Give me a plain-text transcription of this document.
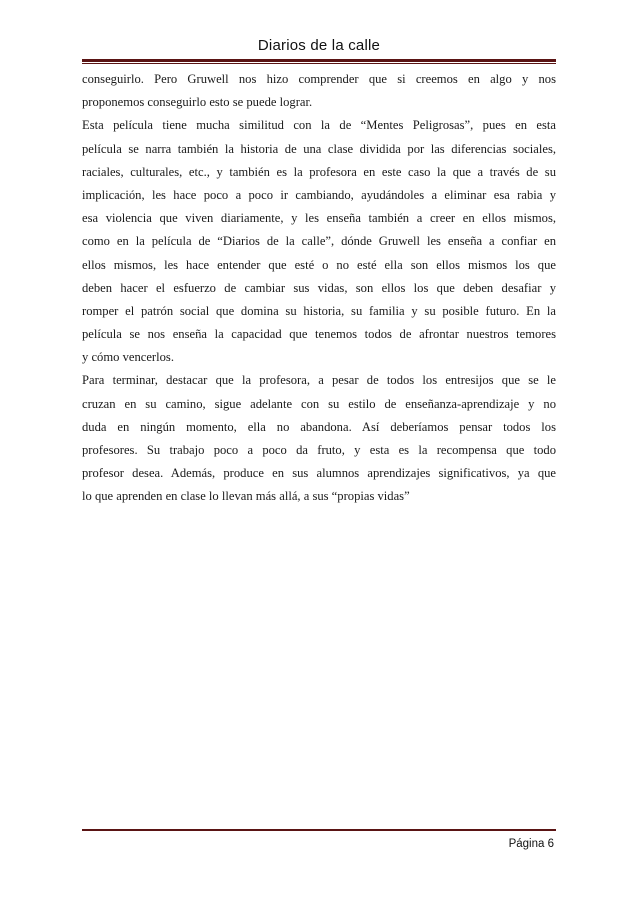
Diarios de la calle
conseguirlo. Pero Gruwell nos hizo comprender que si creemos en algo y nos
proponemos conseguirlo esto se puede lograr.
Esta película tiene mucha similitud con la de “Mentes Peligrosas”, pues en esta
película se narra también la historia de una clase dividida por las diferencias sociales,
raciales, culturales, etc., y también es la profesora en este caso la que a través de su
implicación, les hace poco a poco ir cambiando, ayudándoles a eliminar esa rabia y
esa violencia que viven diariamente, y les enseña también a creer en ellos mismos,
como en la película de “Diarios de la calle”, dónde Gruwell les enseña a confiar en
ellos mismos, les hace entender que esté o no esté ella son ellos mismos los que
deben hacer el esfuerzo de cambiar sus vidas, son ellos los que deben desafiar y
romper el patrón social que domina su historia, su familia y su posible futuro. En la
película se nos enseña la capacidad que tenemos todos de afrontar nuestros temores
y cómo vencerlos.
Para terminar, destacar que la profesora, a pesar de todos los entresijos que se le
cruzan en su camino, sigue adelante con su estilo de enseñanza-aprendizaje y no
duda en ningún momento, ella no abandona. Así deberíamos pensar todos los
profesores. Su trabajo poco a poco da fruto, y esta es la recompensa que todo
profesor desea. Además, produce en sus alumnos aprendizajes significativos, ya que
lo que aprenden en clase lo llevan más allá, a sus “propias vidas”
Página 6
